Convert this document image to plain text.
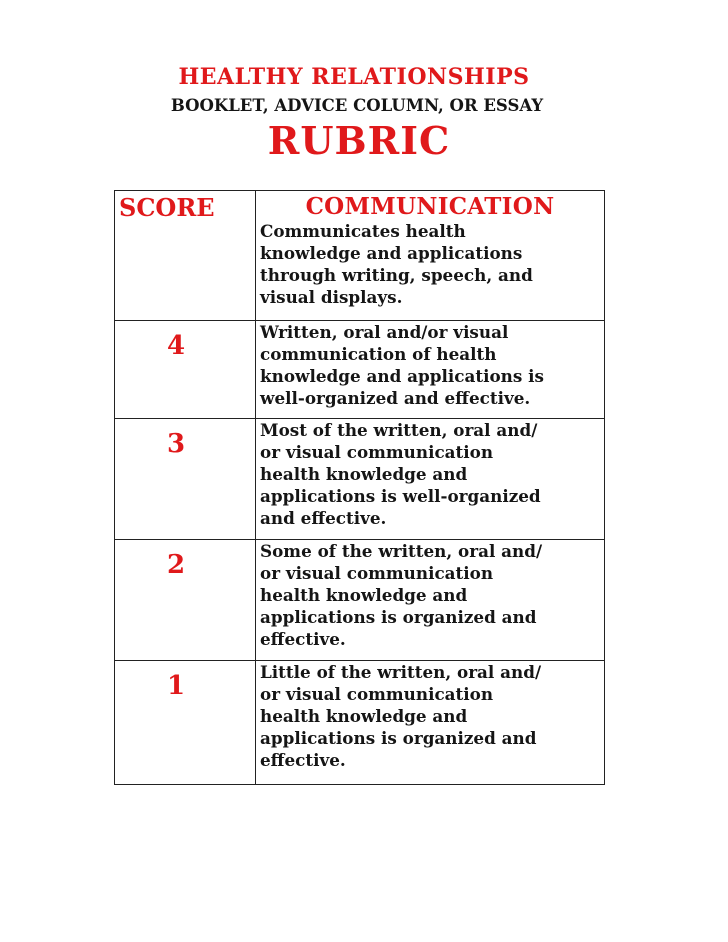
HEALTHY RELATIONSHIPS
BOOKLET, ADVICE COLUMN, OR ESSAY
RUBRIC
SCORE	COMMUNICATION
Communicates health
knowledge and applications
through writing, speech, and
visual displays.

4	Written, oral and/or visual
communication of health
knowledge and applications is
well-organized and effective.
3	Most of the written, oral and/
or visual communication
health knowledge and
applications is well-organized
and effective.
2	Some of the written, oral and/
or visual communication
health knowledge and
applications is organized and
effective.
1	Little of the written, oral and/
or visual communication
health knowledge and
applications is organized and
effective.
